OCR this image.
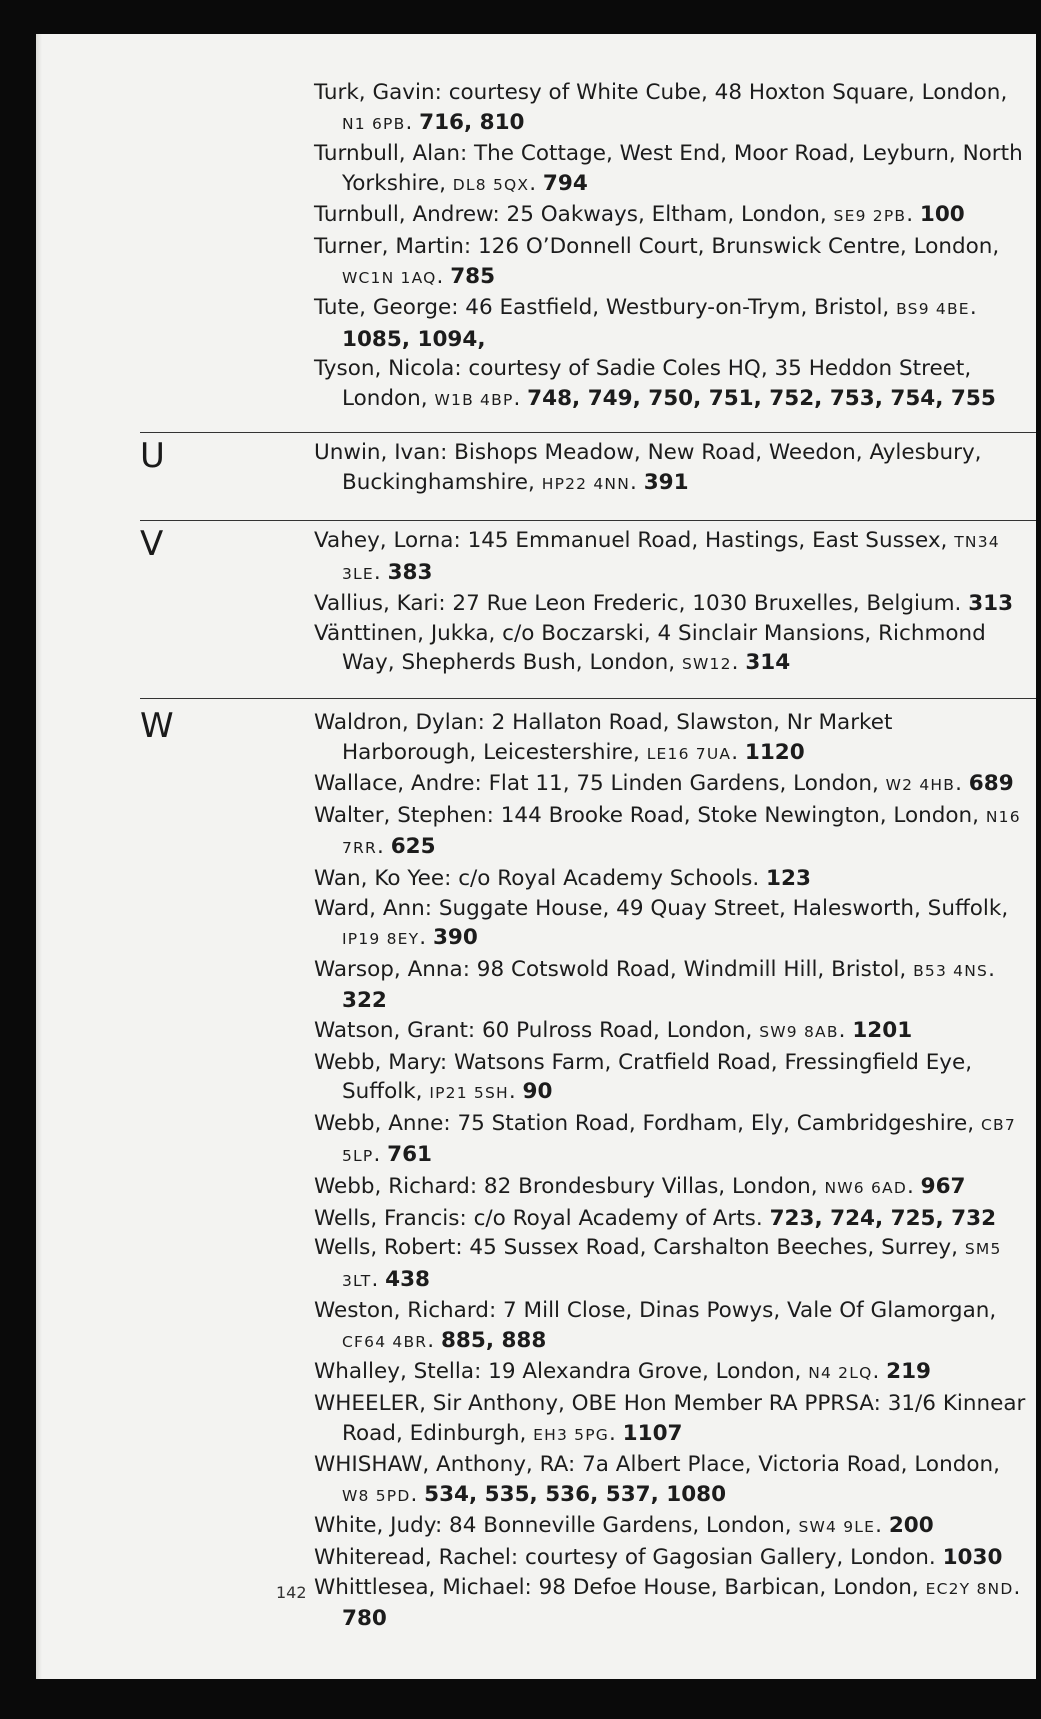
Turk, Gavin: courtesy of White Cube, 48 Hoxton Square, London, N1 6PB. 716, 810
Turnbull, Alan: The Cottage, West End, Moor Road, Leyburn, North Yorkshire, DL8 5QX. 794
Turnbull, Andrew: 25 Oakways, Eltham, London, SE9 2PB. 100
Turner, Martin: 126 O’Donnell Court, Brunswick Centre, London, WC1N 1AQ. 785
Tute, George: 46 Eastfield, Westbury-on-Trym, Bristol, BS9 4BE. 1085, 1094,
Tyson, Nicola: courtesy of Sadie Coles HQ, 35 Heddon Street, London, W1B 4BP. 748, 749, 750, 751, 752, 753, 754, 755
U	Unwin, Ivan: Bishops Meadow, New Road, Weedon, Aylesbury, Buckinghamshire, HP22 4NN. 391
V	Vahey, Lorna: 145 Emmanuel Road, Hastings, East Sussex, TN34 3LE. 383
Vallius, Kari: 27 Rue Leon Frederic, 1030 Bruxelles, Belgium. 313
Vänttinen, Jukka, c/o Boczarski, 4 Sinclair Mansions, Richmond Way, Shepherds Bush, London, SW12. 314
W	Waldron, Dylan: 2 Hallaton Road, Slawston, Nr Market Harborough, Leicestershire, LE16 7UA. 1120
Wallace, Andre: Flat 11, 75 Linden Gardens, London, W2 4HB. 689
Walter, Stephen: 144 Brooke Road, Stoke Newington, London, N16 7RR. 625
Wan, Ko Yee: c/o Royal Academy Schools. 123
Ward, Ann: Suggate House, 49 Quay Street, Halesworth, Suffolk, IP19 8EY. 390
Warsop, Anna: 98 Cotswold Road, Windmill Hill, Bristol, B53 4NS. 322
Watson, Grant: 60 Pulross Road, London, SW9 8AB. 1201
Webb, Mary: Watsons Farm, Cratfield Road, Fressingfield Eye, Suffolk, IP21 5SH. 90
Webb, Anne: 75 Station Road, Fordham, Ely, Cambridgeshire, CB7 5LP. 761
Webb, Richard: 82 Brondesbury Villas, London, NW6 6AD. 967
Wells, Francis: c/o Royal Academy of Arts. 723, 724, 725, 732
Wells, Robert: 45 Sussex Road, Carshalton Beeches, Surrey, SM5 3LT. 438
Weston, Richard: 7 Mill Close, Dinas Powys, Vale Of Glamorgan, CF64 4BR. 885, 888
Whalley, Stella: 19 Alexandra Grove, London, N4 2LQ. 219
WHEELER, Sir Anthony, OBE Hon Member RA PPRSA: 31/6 Kinnear Road, Edinburgh, EH3 5PG. 1107
WHISHAW, Anthony, RA: 7a Albert Place, Victoria Road, London, W8 5PD. 534, 535, 536, 537, 1080
White, Judy: 84 Bonneville Gardens, London, SW4 9LE. 200
Whiteread, Rachel: courtesy of Gagosian Gallery, London. 1030
Whittlesea, Michael: 98 Defoe House, Barbican, London, EC2Y 8ND. 780
142
